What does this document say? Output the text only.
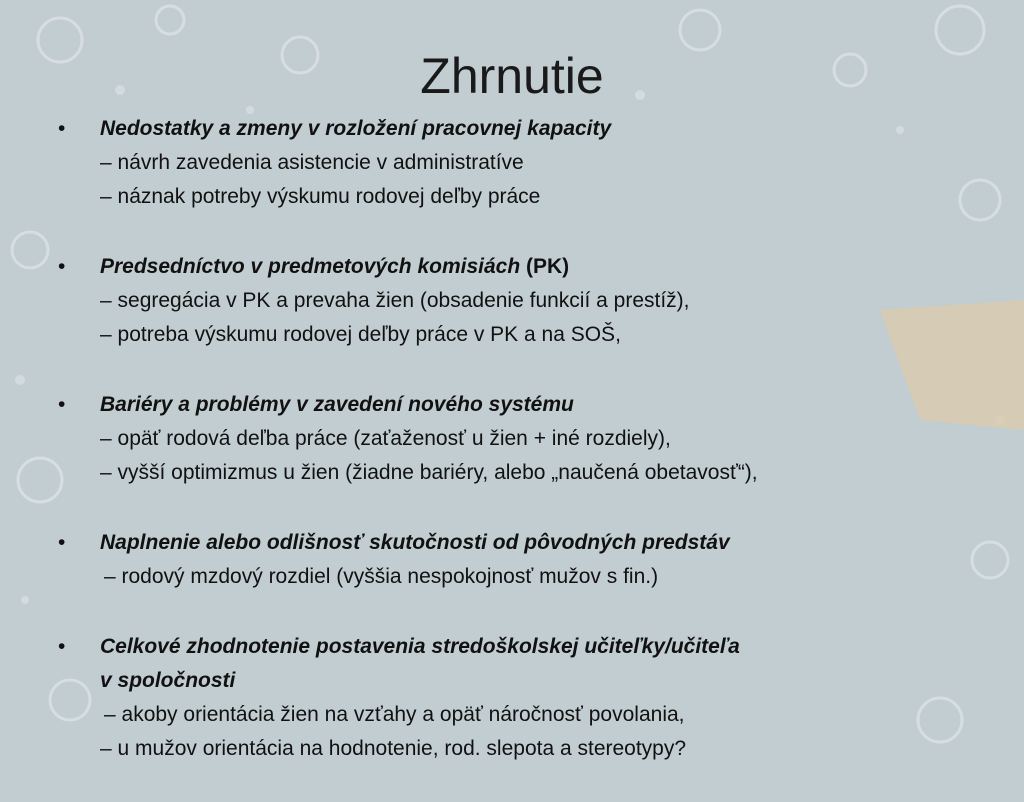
Zhrnutie
• Nedostatky a zmeny v rozložení pracovnej kapacity
– návrh zavedenia asistencie v administratíve
– náznak potreby výskumu rodovej deľby práce
• Predsedníctvo v predmetových komisiách (PK)
– segregácia v PK a prevaha žien (obsadenie funkcií a prestíž),
– potreba výskumu rodovej deľby práce v PK a na SOŠ,
• Bariéry a problémy v zavedení nového systému
– opäť rodová deľba práce (zaťaženosť u žien + iné rozdiely),
– vyšší optimizmus u žien (žiadne bariéry, alebo „naučená obetavosť“),
• Naplnenie alebo odlišnosť skutočnosti od pôvodných predstáv
– rodový mzdový rozdiel (vyššia nespokojnosť mužov s fin.)
• Celkové zhodnotenie postavenia stredoškolskej učiteľky/učiteľa
v spoločnosti
– akoby orientácia žien na vzťahy a opäť náročnosť povolania,
– u mužov orientácia na hodnotenie, rod. slepota a stereotypy?
